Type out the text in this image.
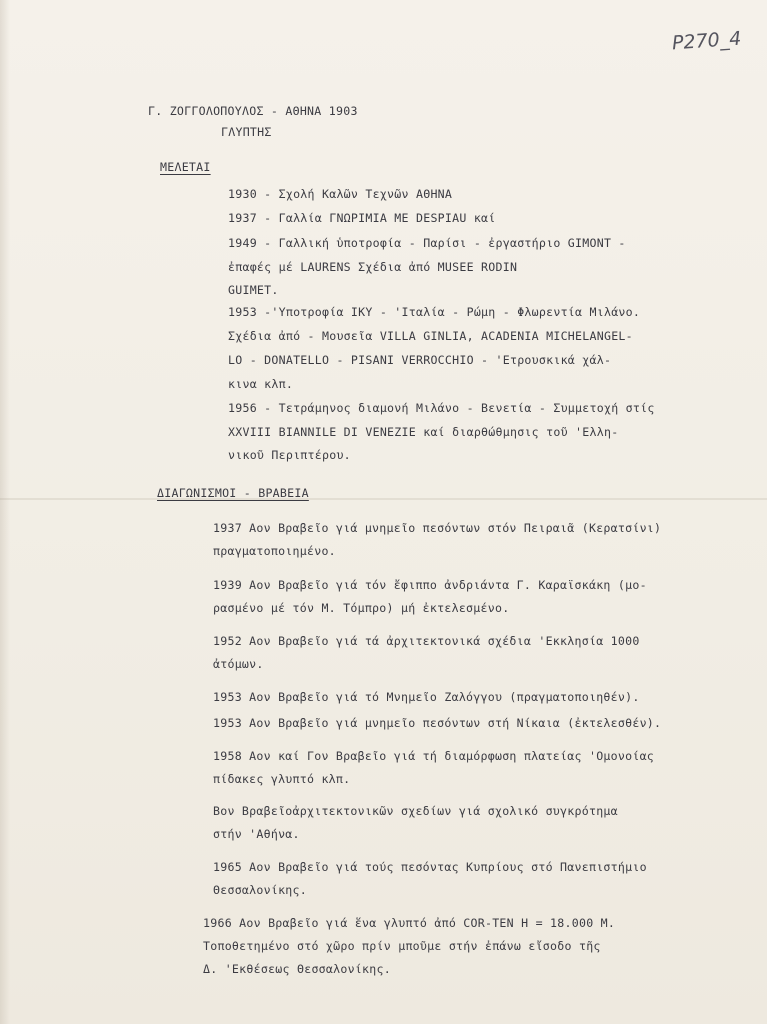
P270_4
Γ. ΖΟΓΓΟΛΟΠΟΥΛΟΣ - ΑΘΗΝΑ 1903
ΓΛΥΠΤΗΣ
ΜΕΛΕΤΑΙ
1930 - Σχολή Καλῶν Τεχνῶν ΑΘΗΝΑ
1937 - Γαλλία ΓΝΩΡΙΜΙΑ ΜΕ DESPIAU καί
1949 - Γαλλική ὑποτροφία - Παρίσι - ἐργαστήριο GIMONT -
ἐπαφές μέ LAURENS Σχέδια ἀπό MUSEE RODIN
GUIMET.
1953 -'Υποτροφία ΙΚΥ - 'Ιταλία - Ρώμη - Φλωρεντία Μιλάνο.
Σχέδια ἀπό - Μουσεῖα VILLA GINLIA, ACADENIA MICHELANGEL-
LO - DONATELLO - PISANI VERROCCHIO - 'Ετρουσκικά χάλ-
κινα κλπ.
1956 - Τετράμηνος διαμονή Μιλάνο - Βενετία - Συμμετοχή στίς
XXVIII BIANNILE DI VENEZIE καί διαρθώθμησις τοῦ 'Ελλη-
νικοῦ Περιπτέρου.
ΔΙΑΓΩΝΙΣΜΟΙ - ΒΡΑΒΕΙΑ
1937 Αον Βραβεῖο γιά μνημεῖο πεσόντων στόν Πειραιᾶ (Κερατσίνι)
πραγματοποιημένο.
1939 Αον Βραβεῖο γιά τόν ἔφιππο ἀνδριάντα Γ. Καραϊσκάκη (μο-
ρασμένο μέ τόν Μ. Τόμπρο) μή ἐκτελεσμένο.
1952 Αον Βραβεῖο γιά τά ἀρχιτεκτονικά σχέδια 'Εκκλησία 1000
ἀτόμων.
1953 Αον Βραβεῖο γιά τό Μνημεῖο Ζαλόγγου (πραγματοποιηθέν).
1953 Αον Βραβεῖο γιά μνημεῖο πεσόντων στή Νίκαια (ἐκτελεσθέν).
1958 Αον καί Γον Βραβεῖο γιά τή διαμόρφωση πλατείας 'Ομονοίας
πίδακες γλυπτό κλπ.
Βον Βραβεῖοἀρχιτεκτονικῶν σχεδίων γιά σχολικό συγκρότημα
στήν 'Αθήνα.
1965 Αον Βραβεῖο γιά τούς πεσόντας Κυπρίους στό Πανεπιστήμιο
Θεσσαλονίκης.
1966 Αον Βραβεῖο γιά ἕνα γλυπτό ἀπό COR-TEN Η = 18.000 Μ.
Τοποθετημένο στό χῶρο πρίν μποῦμε στήν ἐπάνω εἴσοδο τῆς
Δ. 'Εκθέσεως Θεσσαλονίκης.
